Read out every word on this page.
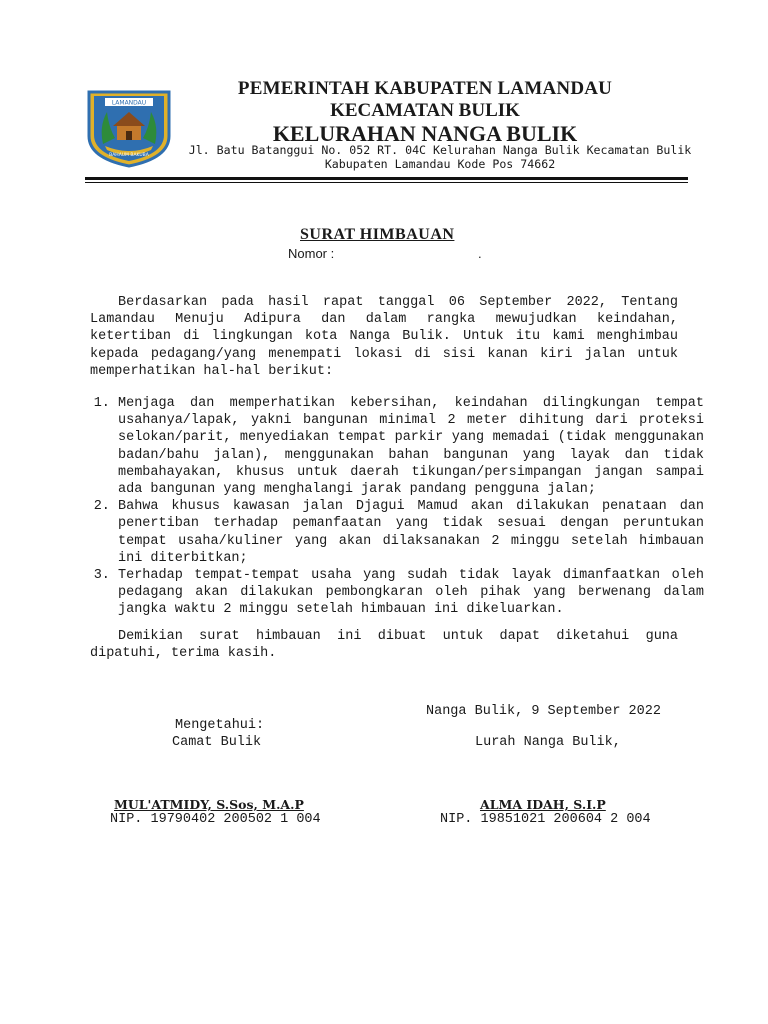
LAMANDAU
BAHAUM BAKUBA
PEMERINTAH KABUPATEN LAMANDAU
KECAMATAN BULIK
KELURAHAN NANGA BULIK
Jl. Batu Batanggui No. 052 RT. 04C Kelurahan Nanga Bulik Kecamatan Bulik
Kabupaten Lamandau Kode Pos 74662
SURAT HIMBAUAN
Nomor :	.
Berdasarkan pada hasil rapat tanggal 06 September 2022, Tentang Lamandau Menuju Adipura dan dalam rangka mewujudkan keindahan, ketertiban di lingkungan kota Nanga Bulik. Untuk itu kami menghimbau kepada pedagang/yang menempati lokasi di sisi kanan kiri jalan untuk memperhatikan hal-hal berikut:
1. Menjaga dan memperhatikan kebersihan, keindahan dilingkungan tempat usahanya/lapak, yakni bangunan minimal 2 meter dihitung dari proteksi selokan/parit, menyediakan tempat parkir yang memadai (tidak menggunakan badan/bahu jalan), menggunakan bahan bangunan yang layak dan tidak membahayakan, khusus untuk daerah tikungan/persimpangan jangan sampai ada bangunan yang menghalangi jarak pandang pengguna jalan;
2. Bahwa khusus kawasan jalan Djagui Mamud akan dilakukan penataan dan penertiban terhadap pemanfaatan yang tidak sesuai dengan peruntukan tempat usaha/kuliner yang akan dilaksanakan 2 minggu setelah himbauan ini diterbitkan;
3. Terhadap tempat-tempat usaha yang sudah tidak layak dimanfaatkan oleh pedagang akan dilakukan pembongkaran oleh pihak yang berwenang dalam jangka waktu 2 minggu setelah himbauan ini dikeluarkan.
Demikian surat himbauan ini dibuat untuk dapat diketahui guna dipatuhi, terima kasih.
Nanga Bulik, 9 September 2022
Mengetahui:
Camat Bulik	Lurah Nanga Bulik,
MUL'ATMIDY, S.Sos, M.A.P	ALMA IDAH, S.I.P
NIP. 19790402 200502 1 004	NIP. 19851021 200604 2 004
